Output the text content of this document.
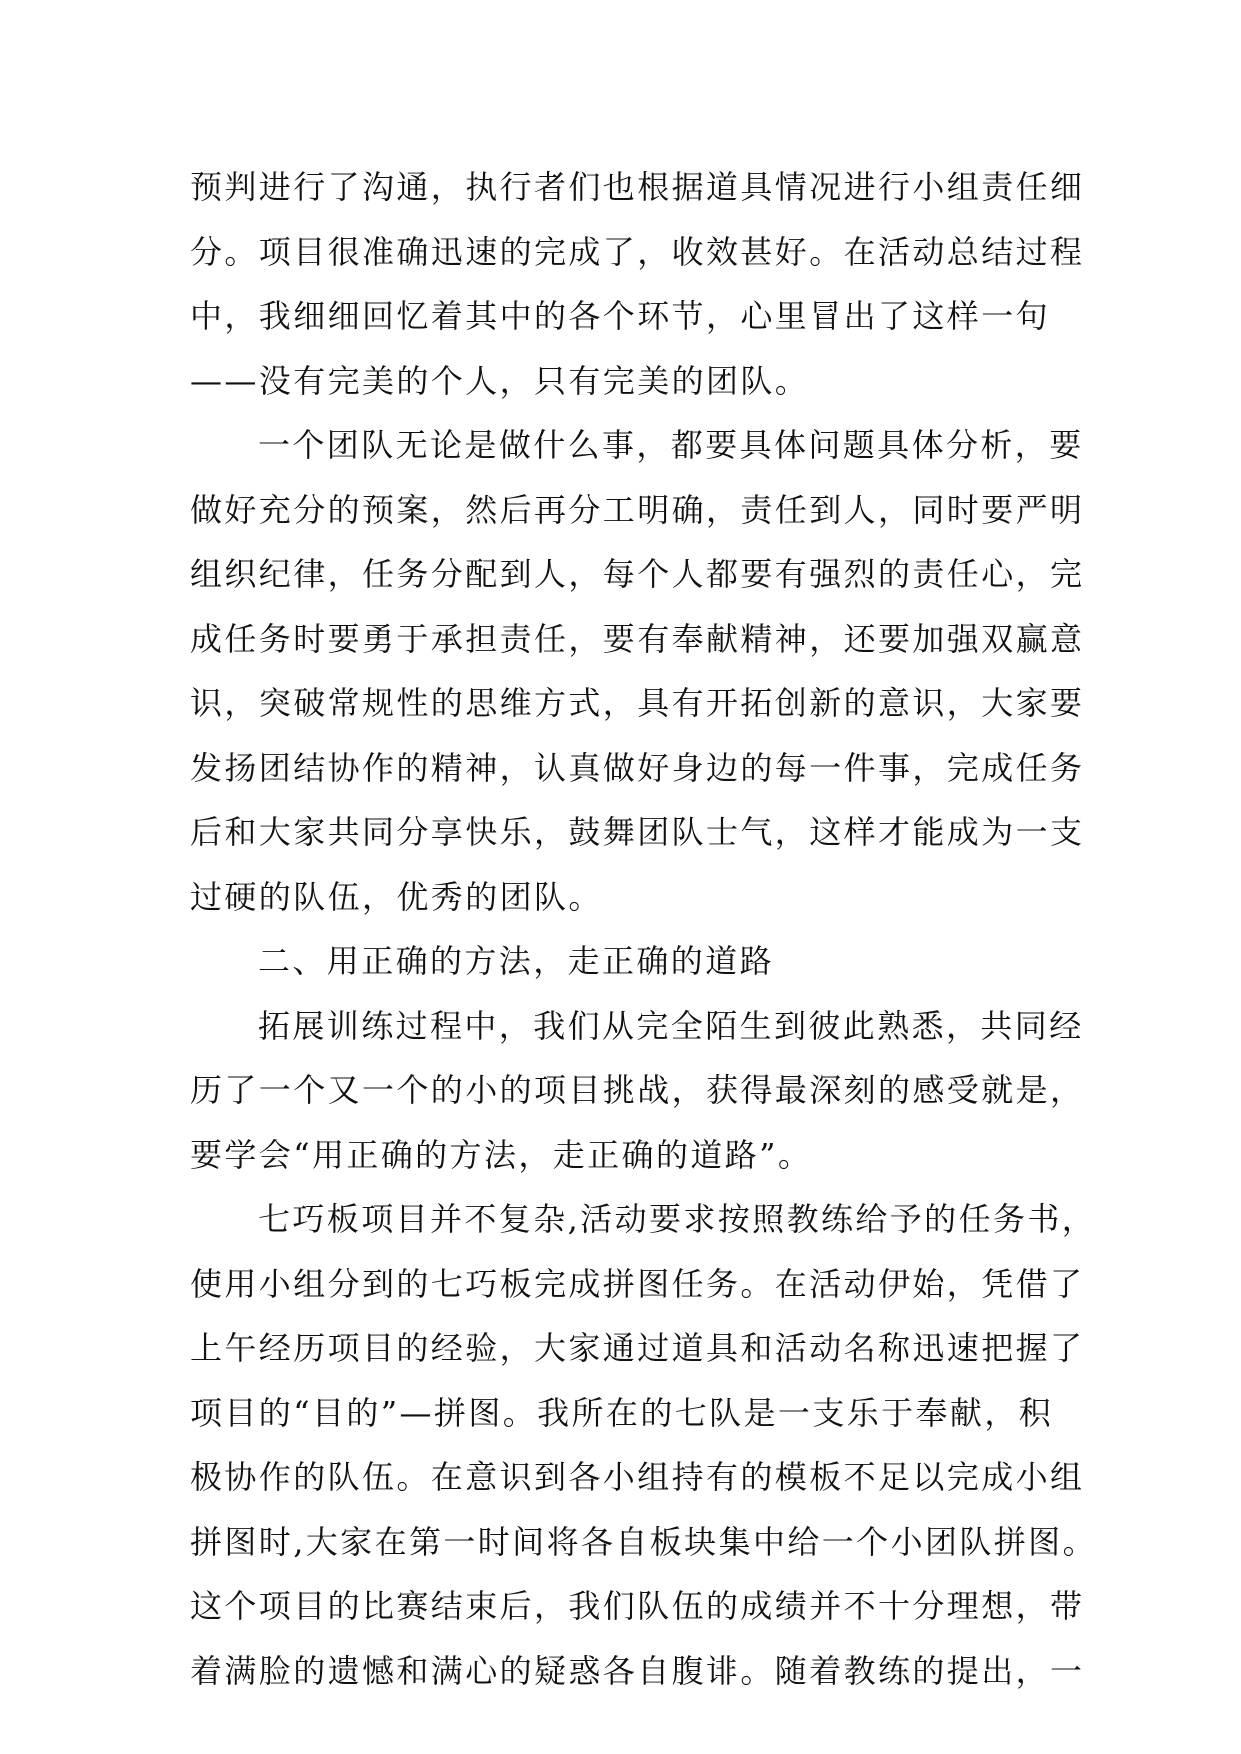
预判进行了沟通，执行者们也根据道具情况进行小组责任细
分。项目很准确迅速的完成了，收效甚好。在活动总结过程
中，我细细回忆着其中的各个环节，心里冒出了这样一句
——没有完美的个人，只有完美的团队。
一个团队无论是做什么事，都要具体问题具体分析，要
做好充分的预案，然后再分工明确，责任到人，同时要严明
组织纪律，任务分配到人，每个人都要有强烈的责任心，完
成任务时要勇于承担责任，要有奉献精神，还要加强双赢意
识，突破常规性的思维方式，具有开拓创新的意识，大家要
发扬团结协作的精神，认真做好身边的每一件事，完成任务
后和大家共同分享快乐，鼓舞团队士气，这样才能成为一支
过硬的队伍，优秀的团队。
二、用正确的方法，走正确的道路
拓展训练过程中，我们从完全陌生到彼此熟悉，共同经
历了一个又一个的小的项目挑战，获得最深刻的感受就是，
要学会“用正确的方法，走正确的道路”。
七巧板项目并不复杂,活动要求按照教练给予的任务书，
使用小组分到的七巧板完成拼图任务。在活动伊始，凭借了
上午经历项目的经验，大家通过道具和活动名称迅速把握了
项目的“目的”—拼图。我所在的七队是一支乐于奉献，积
极协作的队伍。在意识到各小组持有的模板不足以完成小组
拼图时,大家在第一时间将各自板块集中给一个小团队拼图。
这个项目的比赛结束后，我们队伍的成绩并不十分理想，带
着满脸的遗憾和满心的疑惑各自腹诽。随着教练的提出，一
